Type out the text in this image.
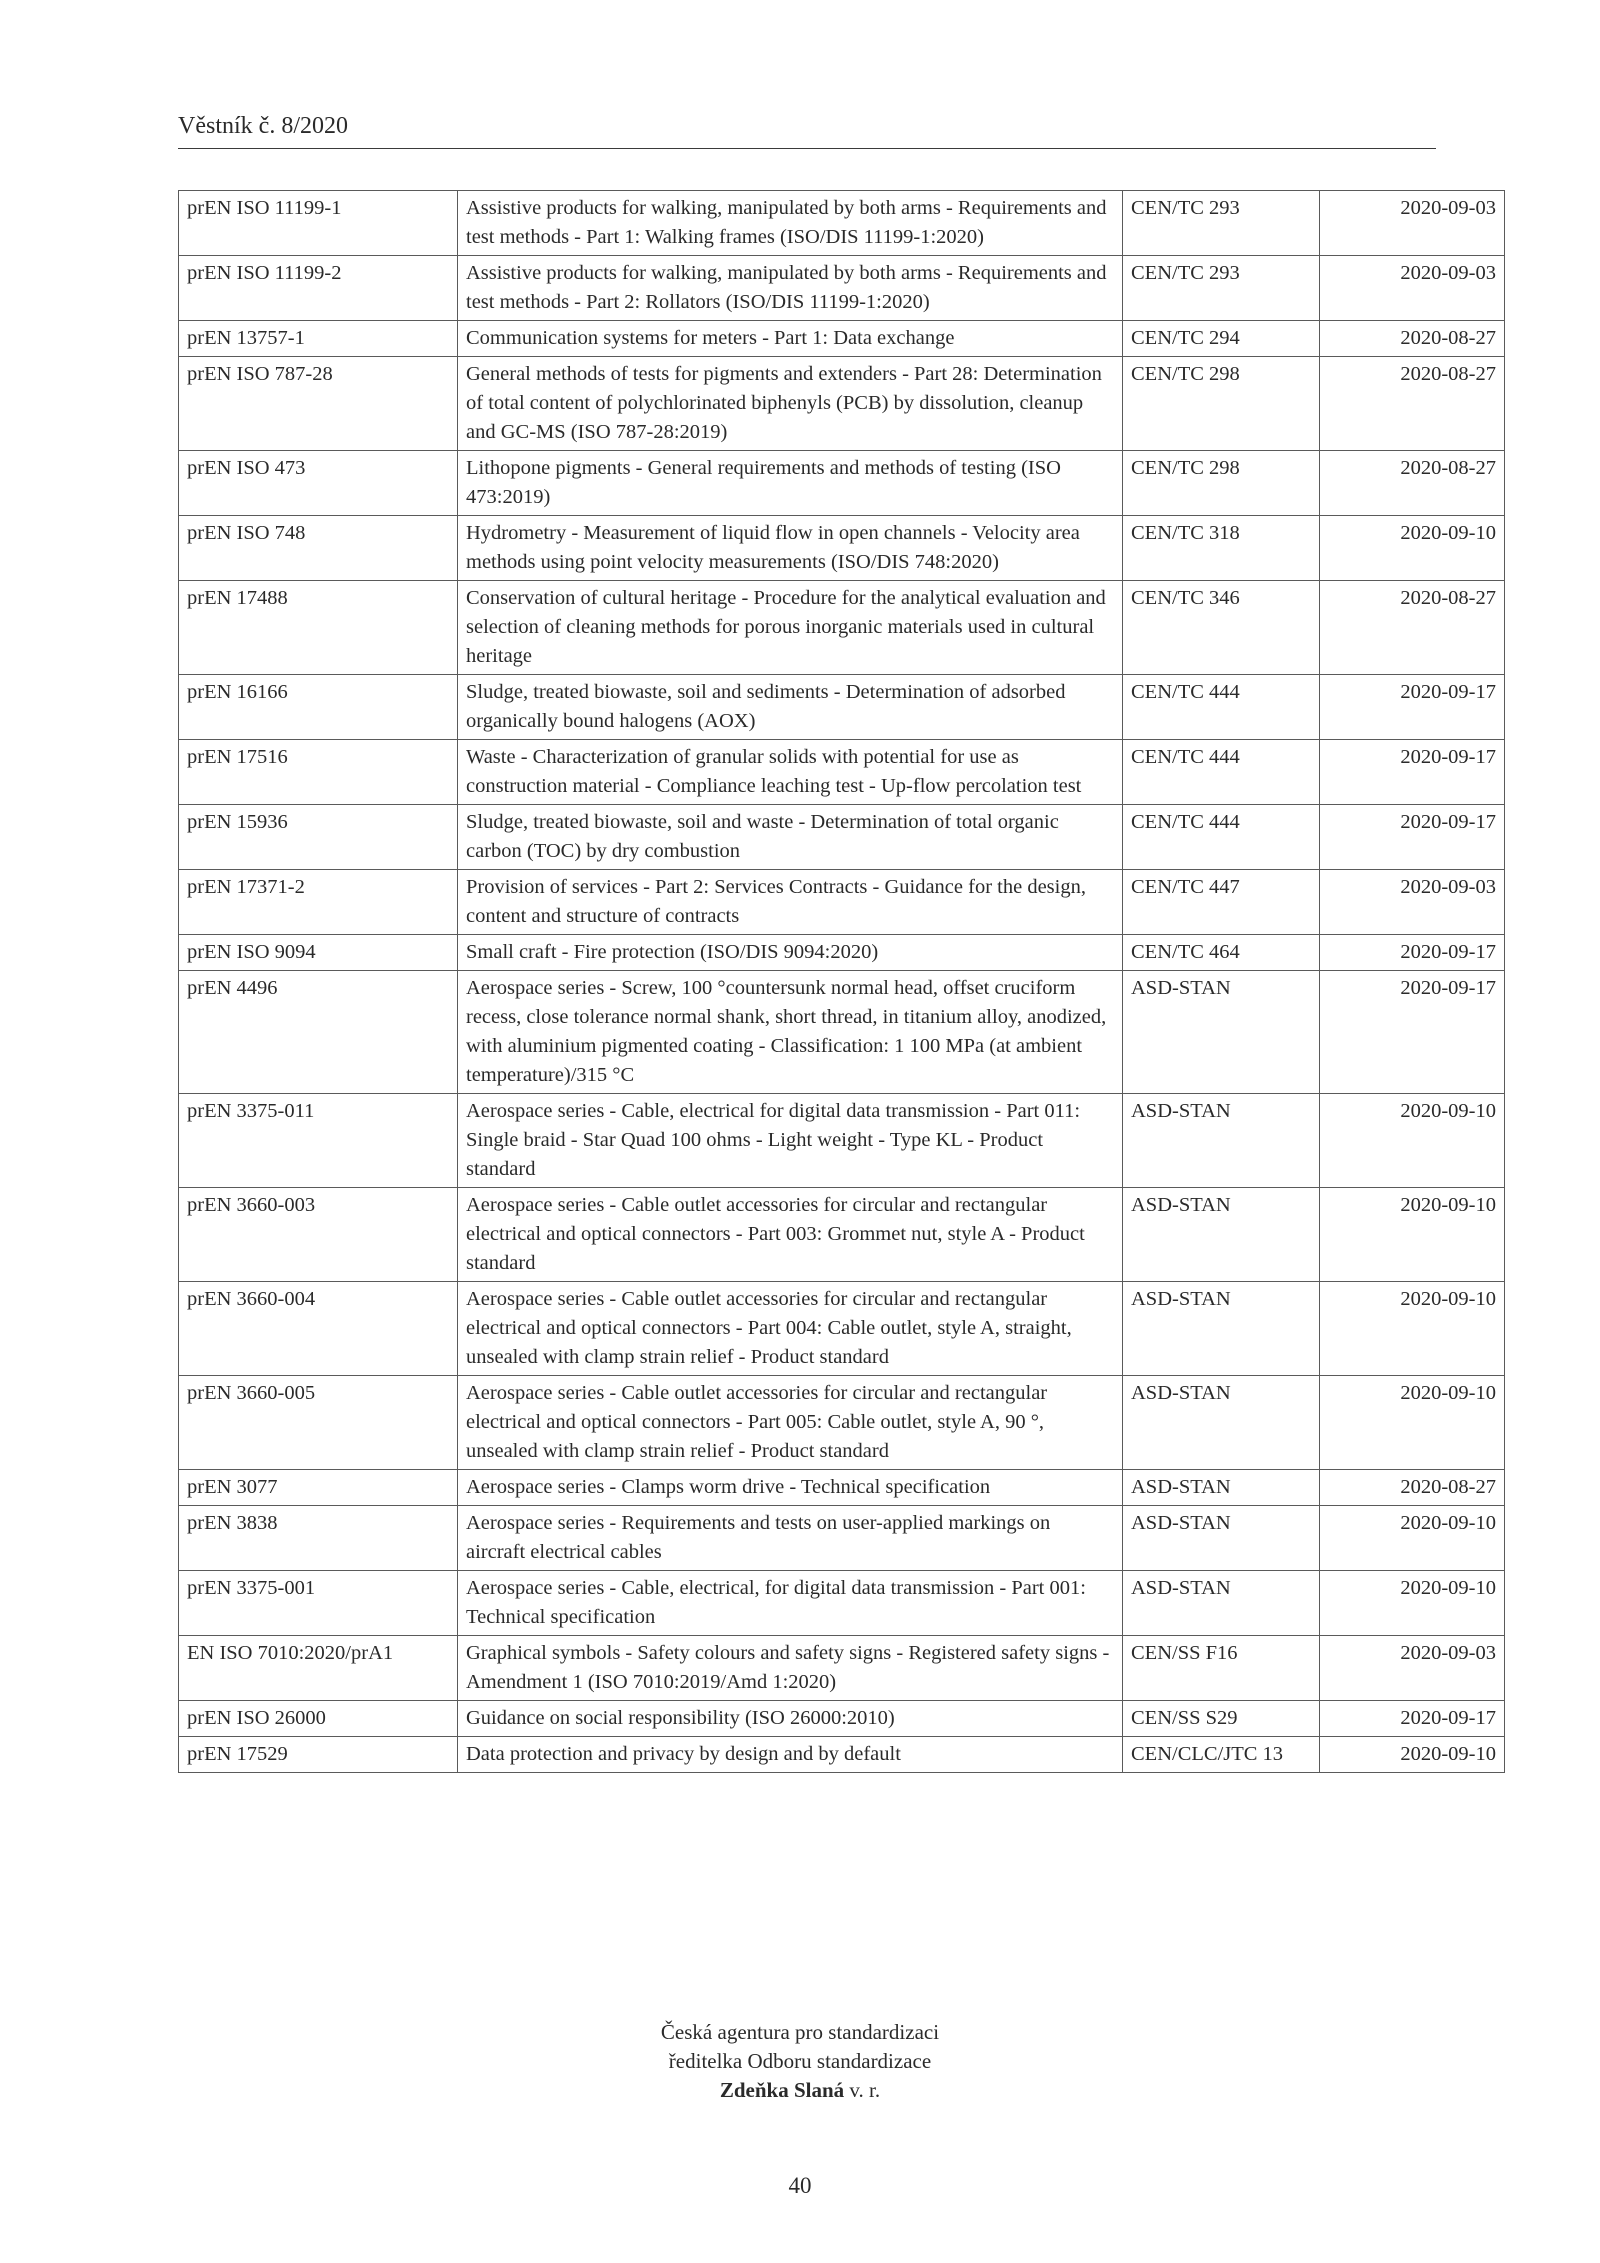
Věstník č. 8/2020
prEN ISO 11199-1	Assistive products for walking, manipulated by both arms - Requirements and test methods - Part 1: Walking frames (ISO/DIS 11199-1:2020)	CEN/TC 293	2020-09-03
prEN ISO 11199-2	Assistive products for walking, manipulated by both arms - Requirements and test methods - Part 2: Rollators (ISO/DIS 11199-1:2020)	CEN/TC 293	2020-09-03
prEN 13757-1	Communication systems for meters - Part 1: Data exchange	CEN/TC 294	2020-08-27
prEN ISO 787-28	General methods of tests for pigments and extenders - Part 28: Determination of total content of polychlorinated biphenyls (PCB) by dissolution, cleanup and GC-MS (ISO 787-28:2019)	CEN/TC 298	2020-08-27
prEN ISO 473	Lithopone pigments - General requirements and methods of testing (ISO 473:2019)	CEN/TC 298	2020-08-27
prEN ISO 748	Hydrometry - Measurement of liquid flow in open channels - Velocity area methods using point velocity measurements (ISO/DIS 748:2020)	CEN/TC 318	2020-09-10
prEN 17488	Conservation of cultural heritage - Procedure for the analytical evaluation and selection of cleaning methods for porous inorganic materials used in cultural heritage	CEN/TC 346	2020-08-27
prEN 16166	Sludge, treated biowaste, soil and sediments - Determination of adsorbed organically bound halogens (AOX)	CEN/TC 444	2020-09-17
prEN 17516	Waste - Characterization of granular solids with potential for use as construction material - Compliance leaching test - Up-flow percolation test	CEN/TC 444	2020-09-17
prEN 15936	Sludge, treated biowaste, soil and waste - Determination of total organic carbon (TOC) by dry combustion	CEN/TC 444	2020-09-17
prEN 17371-2	Provision of services - Part 2: Services Contracts - Guidance for the design, content and structure of contracts	CEN/TC 447	2020-09-03
prEN ISO 9094	Small craft - Fire protection (ISO/DIS 9094:2020)	CEN/TC 464	2020-09-17
prEN 4496	Aerospace series - Screw, 100 °countersunk normal head, offset cruciform recess, close tolerance normal shank, short thread, in titanium alloy, anodized, with aluminium pigmented coating - Classification: 1 100 MPa (at ambient temperature)/315 °C	ASD-STAN	2020-09-17
prEN 3375-011	Aerospace series - Cable, electrical for digital data transmission - Part 011: Single braid - Star Quad 100 ohms - Light weight - Type KL - Product standard	ASD-STAN	2020-09-10
prEN 3660-003	Aerospace series - Cable outlet accessories for circular and rectangular electrical and optical connectors - Part 003: Grommet nut, style A - Product standard	ASD-STAN	2020-09-10
prEN 3660-004	Aerospace series - Cable outlet accessories for circular and rectangular electrical and optical connectors - Part 004: Cable outlet, style A, straight, unsealed with clamp strain relief - Product standard	ASD-STAN	2020-09-10
prEN 3660-005	Aerospace series - Cable outlet accessories for circular and rectangular electrical and optical connectors - Part 005: Cable outlet, style A, 90 °, unsealed with clamp strain relief - Product standard	ASD-STAN	2020-09-10
prEN 3077	Aerospace series - Clamps worm drive - Technical specification	ASD-STAN	2020-08-27
prEN 3838	Aerospace series - Requirements and tests on user-applied markings on aircraft electrical cables	ASD-STAN	2020-09-10
prEN 3375-001	Aerospace series - Cable, electrical, for digital data transmission - Part 001: Technical specification	ASD-STAN	2020-09-10
EN ISO 7010:2020/prA1	Graphical symbols - Safety colours and safety signs - Registered safety signs - Amendment 1 (ISO 7010:2019/Amd 1:2020)	CEN/SS F16	2020-09-03
prEN ISO 26000	Guidance on social responsibility (ISO 26000:2010)	CEN/SS S29	2020-09-17
prEN 17529	Data protection and privacy by design and by default	CEN/CLC/JTC 13	2020-09-10
Česká agentura pro standardizaci
ředitelka Odboru standardizace
Zdeňka Slaná v. r.
40
